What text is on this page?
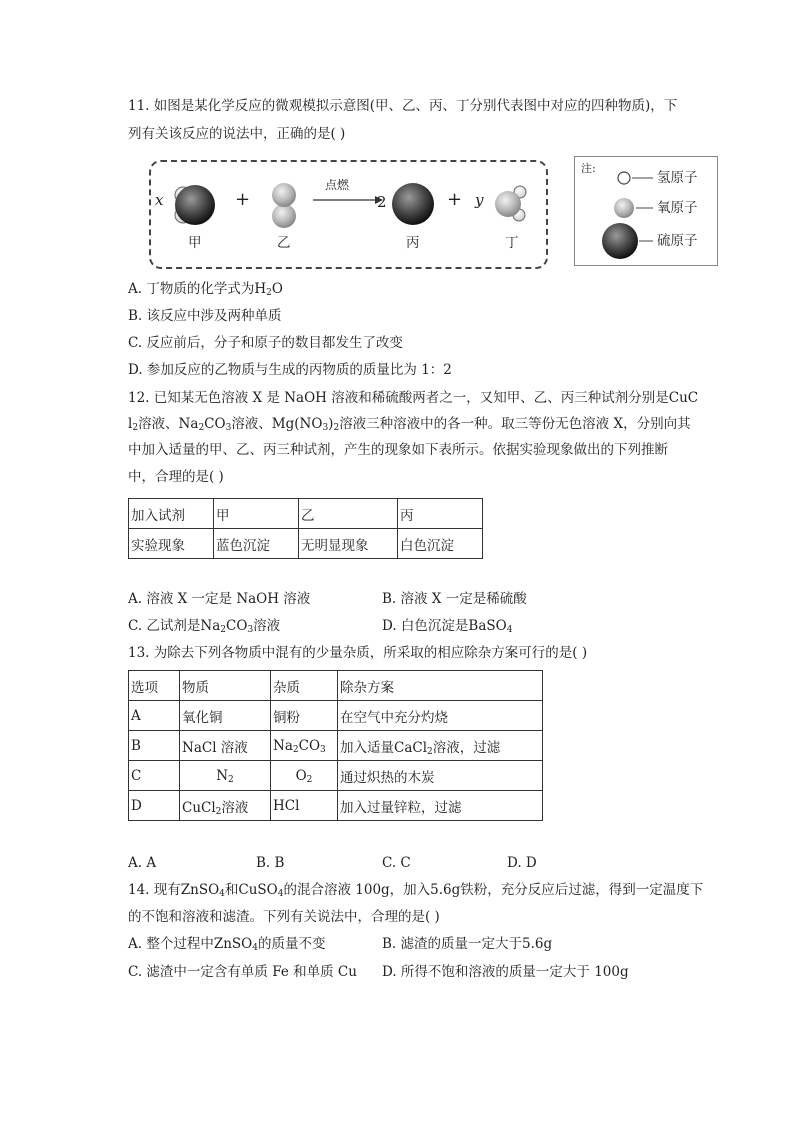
11. 如图是某化学反应的微观模拟示意图(甲、乙、丙、丁分别代表图中对应的四种物质)，下
列有关该反应的说法中，正确的是( )
x	+
点燃
2	+ y
甲	乙	丙	丁
注:
氢原子
氧原子
硫原子
A. 丁物质的化学式为$H_2O$
B. 该反应中涉及两种单质
C. 反应前后，分子和原子的数目都发生了改变
D. 参加反应的乙物质与生成的丙物质的质量比为 1：2
12. 已知某无色溶液 X 是 NaOH 溶液和稀硫酸两者之一，又知甲、乙、丙三种试剂分别是CuC
$l_2$溶液、$Na_2CO_3$溶液、$Mg(NO_3)_2$溶液三种溶液中的各一种。取三等份无色溶液 X，分别向其
中加入适量的甲、乙、丙三种试剂，产生的现象如下表所示。依据实验现象做出的下列推断
中，合理的是( )
加入试剂	甲	乙	丙
实验现象	蓝色沉淀	无明显现象	白色沉淀
A. 溶液 X 一定是 NaOH 溶液	B. 溶液 X 一定是稀硫酸
C. 乙试剂是$Na_2CO_3$溶液	D. 白色沉淀是BaSO$_4$
13. 为除去下列各物质中混有的少量杂质，所采取的相应除杂方案可行的是( )
选项	物质	杂质	除杂方案
A	氧化铜	铜粉	在空气中充分灼烧
B	NaCl 溶液	$Na_2CO_3$	加入适量CaCl$_2$溶液，过滤
C	$N_2$	$O_2$	通过炽热的木炭
D	CuCl$_2$溶液	HCl	加入过量锌粒，过滤
A. A	B. B	C. C	D. D
14. 现有ZnSO$_4$和CuSO$_4$的混合溶液 100g，加入5.6g铁粉，充分反应后过滤，得到一定温度下
的不饱和溶液和滤渣。下列有关说法中，合理的是( )
A. 整个过程中ZnSO$_4$的质量不变	B. 滤渣的质量一定大于5.6g
C. 滤渣中一定含有单质 Fe 和单质 Cu D. 所得不饱和溶液的质量一定大于 100g
